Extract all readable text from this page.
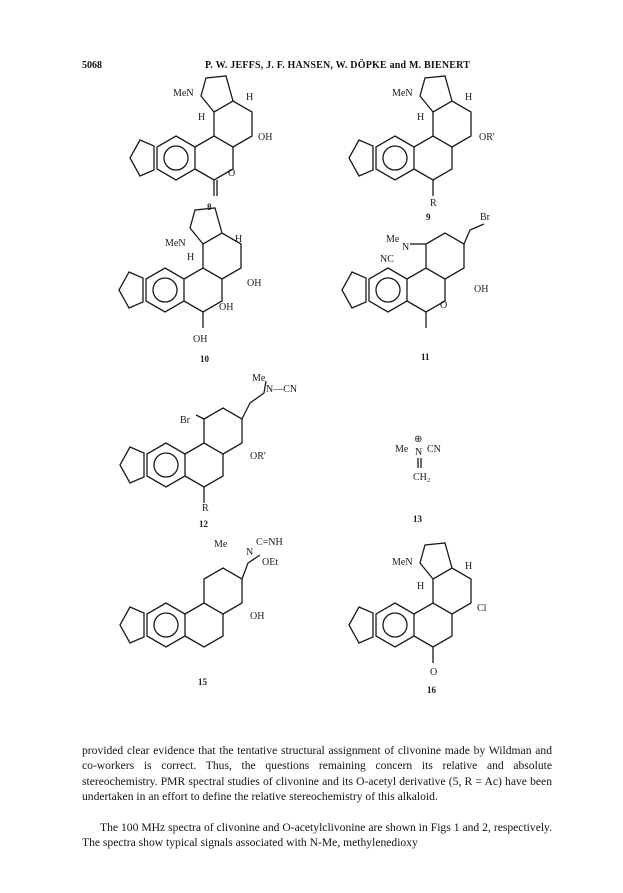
5068	P. W. JEFFS, J. F. HANSEN, W. DÖPKE and M. BIENERT
MeN	H
H
OH
O
8
MeN	H
H
OR'
R
9
MeN	H
H
OH
OH
OH
10
Br
Me
N
NC
OH
O
11
Me
N—CN
Br
OR'
R
12
Me
⊕
N CN
CH₂
13
Me
N
C=NH
OEt
OH
15
MeN	H
H
Cl
O
16
provided clear evidence that the tentative structural assignment of clivonine made by Wildman and co-workers is correct. Thus, the questions remaining concern its relative and absolute stereochemistry. PMR spectral studies of clivonine and its O-acetyl derivative (5, R = Ac) have been undertaken in an effort to define the relative stereochemistry of this alkaloid.
The 100 MHz spectra of clivonine and O-acetylclivonine are shown in Figs 1 and 2, respectively. The spectra show typical signals associated with N-Me, methylenedioxy
